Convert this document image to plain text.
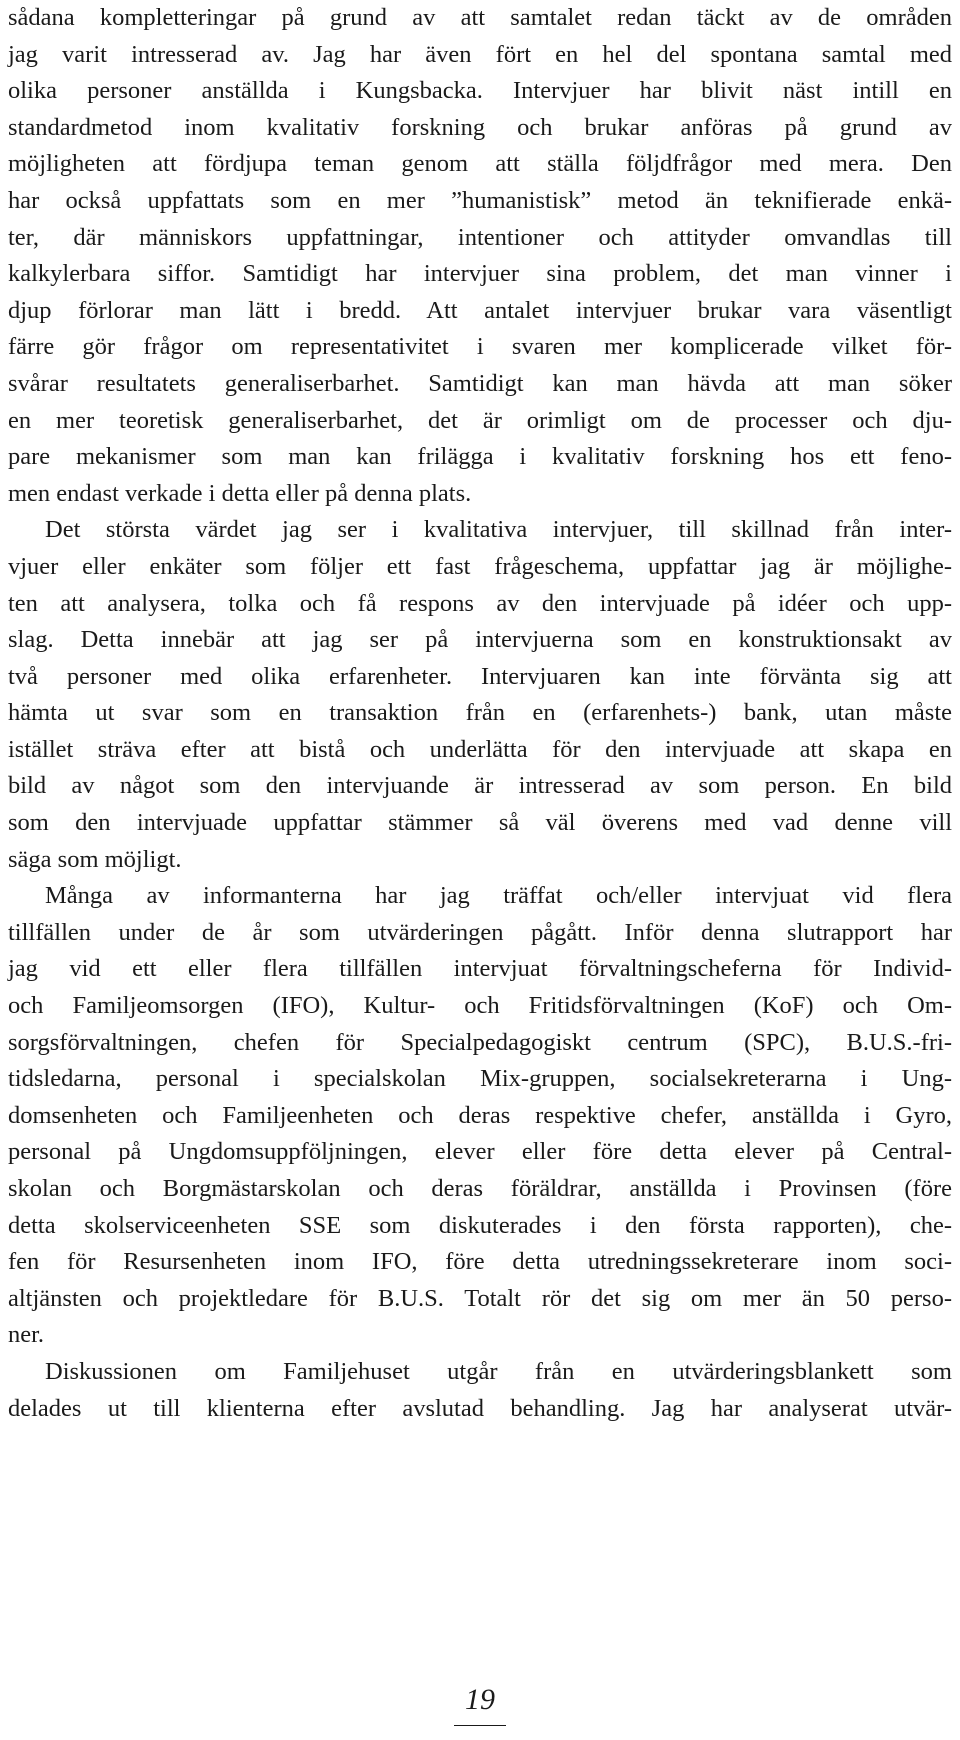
sådana kompletteringar på grund av att samtalet redan täckt av de områden
jag varit intresserad av. Jag har även fört en hel del spontana samtal med
olika personer anställda i Kungsbacka. Intervjuer har blivit näst intill en
standardmetod inom kvalitativ forskning och brukar anföras på grund av
möjligheten att fördjupa teman genom att ställa följdfrågor med mera. Den
har också uppfattats som en mer ”humanistisk” metod än teknifierade enkä-
ter, där människors uppfattningar, intentioner och attityder omvandlas till
kalkylerbara siffor. Samtidigt har intervjuer sina problem, det man vinner i
djup förlorar man lätt i bredd. Att antalet intervjuer brukar vara väsentligt
färre gör frågor om representativitet i svaren mer komplicerade vilket för-
svårar resultatets generaliserbarhet. Samtidigt kan man hävda att man söker
en mer teoretisk generaliserbarhet, det är orimligt om de processer och dju-
pare mekanismer som man kan frilägga i kvalitativ forskning hos ett feno-
men endast verkade i detta eller på denna plats.

Det största värdet jag ser i kvalitativa intervjuer, till skillnad från inter-
vjuer eller enkäter som följer ett fast frågeschema, uppfattar jag är möjlighe-
ten att analysera, tolka och få respons av den intervjuade på idéer och upp-
slag. Detta innebär att jag ser på intervjuerna som en konstruktionsakt av
två personer med olika erfarenheter. Intervjuaren kan inte förvänta sig att
hämta ut svar som en transaktion från en (erfarenhets-) bank, utan måste
istället sträva efter att bistå och underlätta för den intervjuade att skapa en
bild av något som den intervjuande är intresserad av som person. En bild
som den intervjuade uppfattar stämmer så väl överens med vad denne vill
säga som möjligt.

Många av informanterna har jag träffat och/eller intervjuat vid flera
tillfällen under de år som utvärderingen pågått. Inför denna slutrapport har
jag vid ett eller flera tillfällen intervjuat förvaltningscheferna för Individ-
och Familjeomsorgen (IFO), Kultur- och Fritidsförvaltningen (KoF) och Om-
sorgsförvaltningen, chefen för Specialpedagogiskt centrum (SPC), B.U.S.-fri-
tidsledarna, personal i specialskolan Mix-gruppen, socialsekreterarna i Ung-
domsenheten och Familjeenheten och deras respektive chefer, anställda i Gyro,
personal på Ungdomsuppföljningen, elever eller före detta elever på Central-
skolan och Borgmästarskolan och deras föräldrar, anställda i Provinsen (före
detta skolserviceenheten SSE som diskuterades i den första rapporten), che-
fen för Resursenheten inom IFO, före detta utredningssekreterare inom soci-
altjänsten och projektledare för B.U.S. Totalt rör det sig om mer än 50 perso-
ner.

Diskussionen om Familjehuset utgår från en utvärderingsblankett som
delades ut till klienterna efter avslutad behandling. Jag har analyserat utvär-

19
